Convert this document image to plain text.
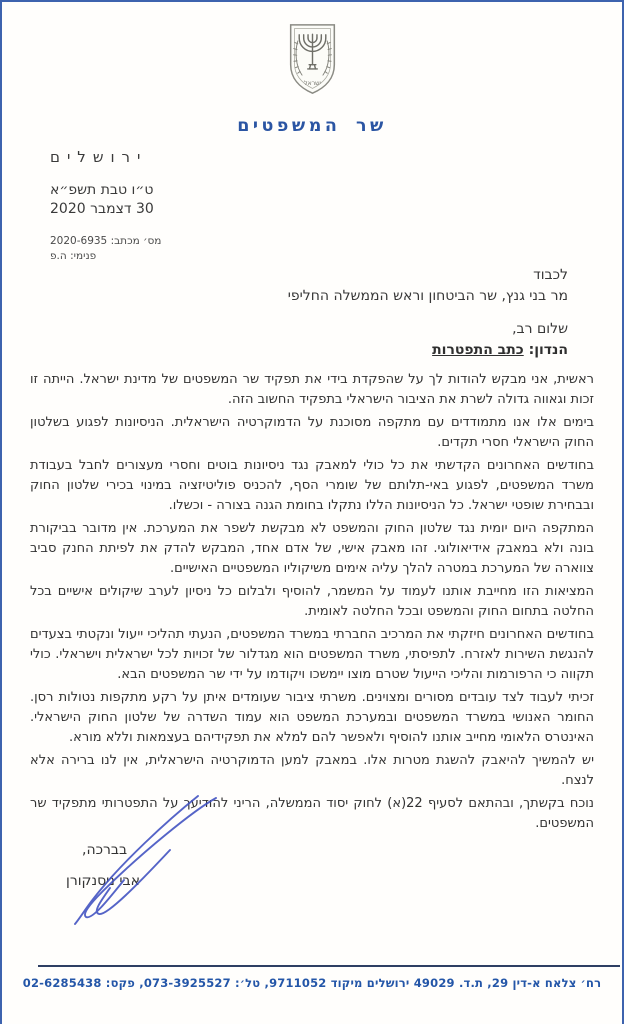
ישראל
שר המשפטים
ירושלים
ט״ו טבת תשפ״א
30 דצמבר 2020
מס׳ מכתב: 2020-6935
פנימי: ה.פ
לכבוד
מר בני גנץ, שר הביטחון וראש הממשלה החליפי
שלום רב,
הנדון: כתב התפטרות

ראשית, אני מבקש להודות לך על שהפקדת בידי את תפקיד שר המשפטים של מדינת ישראל. הייתה זו זכות וגאווה גדולה לשרת את הציבור הישראלי בתפקיד החשוב הזה.

בימים אלו אנו מתמודדים עם מתקפה מסוכנת על הדמוקרטיה הישראלית. הניסיונות לפגוע בשלטון החוק הישראלי חסרי תקדים.

בחודשים האחרונים הקדשתי את כל כולי למאבק נגד ניסיונות בוטים וחסרי מעצורים לחבל בעבודת משרד המשפטים, לפגוע באי-תלותם של שומרי הסף, להכניס פוליטיזציה במינוי בכירי שלטון החוק ובבחירת שופטי ישראל. כל הניסיונות הללו נתקלו בחומת הגנה בצורה - וכשלו.

המתקפה היום יומית נגד שלטון החוק והמשפט לא מבקשת לשפר את המערכת. אין מדובר בביקורת בונה ולא במאבק אידיאולוגי. זהו מאבק אישי, של אדם אחד, המבקש להדק את לפיתת החנק סביב צווארה של המערכת במטרה להלך עליה אימים משיקוליו המשפטיים האישיים.

המציאות הזו מחייבת אותנו לעמוד על המשמר, להוסיף ולבלום כל ניסיון לערב שיקולים אישיים בכל החלטה בתחום החוק והמשפט ובכל החלטה לאומית.

בחודשים האחרונים חיזקתי את המרכיב החברתי במשרד המשפטים, הנעתי תהליכי ייעול ונקטתי בצעדים להנגשת השירות לאזרח. לתפיסתי, משרד המשפטים הוא מגדלור של זכויות לכל ישראלית וישראלי. כולי תקווה כי הרפורמות והליכי הייעול שטרם מוצו יימשכו ויקודמו על ידי שר המשפטים הבא.

זכיתי לעבוד לצד עובדים מסורים ומצוינים. משרתי ציבור שעומדים איתן על רקע מתקפות נטולות רסן. החומר האנושי במשרד המשפטים ובמערכת המשפט הוא עמוד השדרה של שלטון החוק הישראלי. האינטרס הלאומי מחייב אותנו להוסיף ולאפשר להם למלא את תפקידיהם בעצמאות וללא מורא.

יש להמשיך להיאבק להשגת מטרות אלו. במאבק למען הדמוקרטיה הישראלית, אין לנו ברירה אלא לנצח.

נוכח בקשתך, ובהתאם לסעיף 22(א) לחוק יסוד הממשלה, הריני להודיעך על התפטרותי מתפקיד שר המשפטים.

בברכה,
אבי ניסנקורן
רח׳ צלאח א-דין 29, ת.ד. 49029 ירושלים מיקוד 9711052, טל׳: 073-3925527, פקס: 02-6285438
